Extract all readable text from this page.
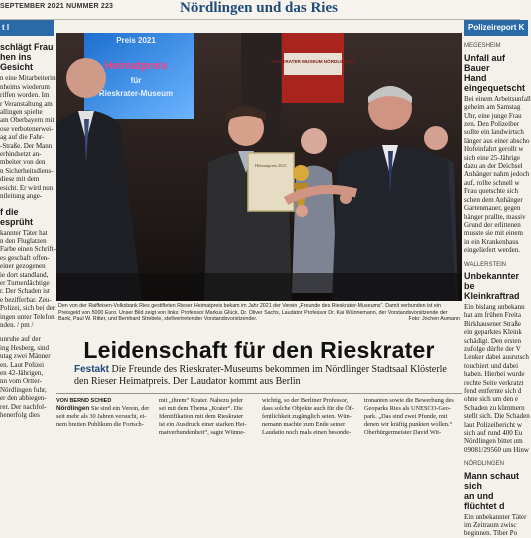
SEPTEMBER 2021 NUMMER 223	Nördlingen und das Ries
t l
schlägt Frau
hen ins Gesicht

n eine Mitarbeiterin

nheims wiederum

riffen worden. Im

r Veranstaltung am

allingen spielte

am Oberbayern mit

ose verbotenerwei-

ag auf die Fahr-

-Straße. Der Mann

erhindsetzt an-

mbeiter von den

n Sicherheitsdiens-

diese mit dem

esicht. Er wird nun

ntleitung ange-

f die
esprüht

kannter Täter hat

n den Fluglatzen

Farbe einen Schrift-

es geschaft offen-

einer gezogenen

ie dort standland,

er Turnerdächtige

r. Der Schaden ist

e bezifferbar. Zeu-

Polizei, sich bei der

ingen unter Telefon

nden. / pm /

unruhe auf der

ing Hesberg, sind

utag zwei Männer

en. Laut Polizei

en 42-Jährigen,

nn vom Ortter-

Nördlingen fuhr,

er den abbiegen-

rer. Der nachfol-

henerfolg dies

Preis 2021
Heimatpreis
für
Rieskrater-Museum
RIESKRATER MUSEUM NÖRDLINGEN
Heimatpreis 2021
Den von der Raiffeisen-Volksbank Ries gestifteten Rieser Heimatpreis bekam im Jahr 2021 der Verein „Freunde des Rieskrater-Museums“. Damit verbunden ist ein Preisgeld von 5000 Euro. Unser Bild zeigt von links: Professor Markus Glück, Dr. Oliver Sachs, Laudator Professor Dr. Kai Wünnemann, der Vorstandsvorsitzende der Bank, Paul W. Ritter, und Bernhard Strebele, stellvertretender Vorstandsvorsitzender.	Foto: Jochen Aumann
Leidenschaft für den Rieskrater
Festakt Die Freunde des Rieskrater-Museums bekommen im Nördlinger Stadtsaal Klösterle den Rieser Heimatpreis. Der Laudator kommt aus Berlin

VON BERND SCHIED

Nördlingen Sie sind ein Verein, der

seit mehr als 30 Jahren versucht, ei-

nem breiten Publikum die Fortsch-

mit „ihrem“ Krater. Nahezu jeder

sei mit dem Thema „Krater“. Die

Identifikation mit dem Rieskrater

ist ein Ausdruck einer starken Hei-

matverbundenheit“, sagte Wünne-

wichtig, so der Berliner Professor,

dass solche Objekte auch für die Öf-

fentlichkeit zugänglich seien. Wün-

nemann machte zum Ende seiner

Laudatio noch mals einen besonde-

tronanten sowie die Bewerbung des

Geoparks Ries als UNESCO-Geo-

park. „Das sind zwei Pfunde, mit

denen wir kräftig punkten wollen.“

Oberbürgermeister David Wit-

Polizeireport K
MEGESHEIM
Unfall auf Bauer
Hand eingequetscht

Bei einem Arbeitsunfall

geheim am Samstag

Uhr, eine junge Frau

zen. Den Polizeiber

sollte ein landwirtsch

länger aus einer abscho

Hofeinfahrt gerollt w

sich eine 25-Jährige

dazu an der Deichsel

Anhänger nahm jedoch

auf, rollte schnell w

Frau quetschte sich

schen dem Anhänger

Gartenmauer, gegen

hänger prallte, massiv

Grund der erlittenen

musste sie mit einem

in ein Krankenhaus

eingeliefert werden.

WALLERSTEIN
Unbekannter be
Kleinkraftrad

Ein bislang unbekann

hat am frühen Freita

Birkhausener Straße

ein geparktes Kleink

schädigt. Den ersten

zufolge dürfte der V

Lenker dabei ausrutsch

touchiert und dabei

haben. Hierbei wurde

rechte Seite verkratzt

fend entfernte sich d

ohne sich um den e

Schaden zu kümmern

stellt sich. Die Schaden

laut Polizeibericht w

sich auf rund 400 Eu

Nördlingen bittet um

09081/29560 um Hinw

NÖRDLINGEN
Mann schaut sich
an und flüchtet d

Ein unbekannter Täter

im Zeitraum zwisc

beginnen. Tiber Po
